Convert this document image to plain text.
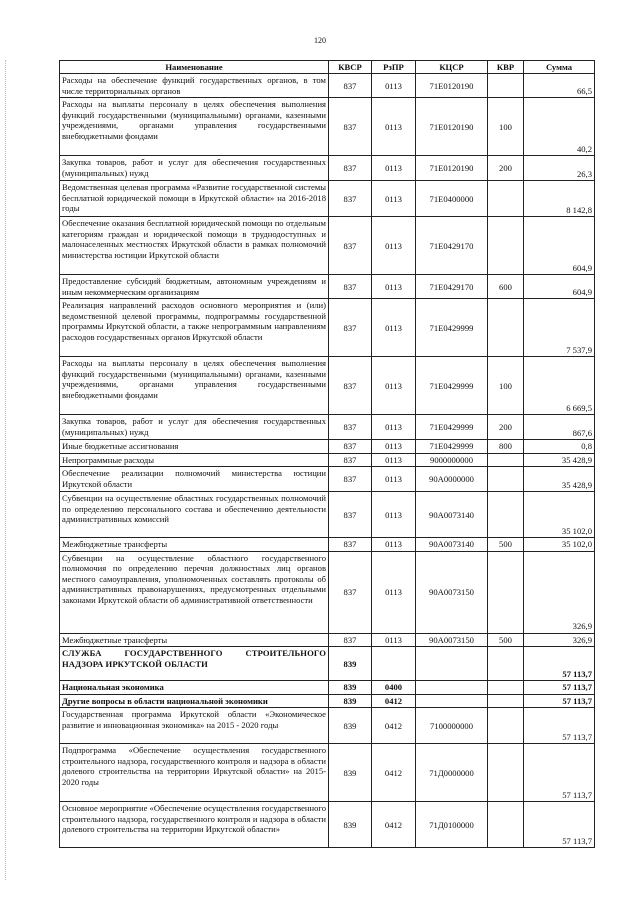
120
Наименование	КВСР	РзПР	КЦСР	КВР	Сумма
Расходы на обеспечение функций государственных органов, в том числе территориальных органов	837	0113	71Е0120190		66,5
Расходы на выплаты персоналу в целях обеспечения выполнения функций государственными (муниципальными) органами, казенными учреждениями, органами управления государственными внебюджетными фондами	837	0113	71Е0120190	100	40,2
Закупка товаров, работ и услуг для обеспечения государственных (муниципальных) нужд	837	0113	71Е0120190	200	26,3
Ведомственная целевая программа «Развитие государственной системы бесплатной юридической помощи в Иркутской области» на 2016-2018 годы	837	0113	71Е0400000		8 142,8
Обеспечение оказания бесплатной юридической помощи по отдельным категориям граждан и юридической помощи в труднодоступных и малонаселенных местностях Иркутской области в рамках полномочий министерства юстиции Иркутской области	837	0113	71Е0429170		604,9
Предоставление субсидий бюджетным, автономным учреждениям и иным некоммерческим организациям	837	0113	71Е0429170	600	604,9
Реализация направлений расходов основного мероприятия и (или) ведомственной целевой программы, подпрограммы государственной программы Иркутской области, а также непрограммным направлениям расходов государственных органов Иркутской области	837	0113	71Е0429999		7 537,9
Расходы на выплаты персоналу в целях обеспечения выполнения функций государственными (муниципальными) органами, казенными учреждениями, органами управления государственными внебюджетными фондами	837	0113	71Е0429999	100	6 669,5
Закупка товаров, работ и услуг для обеспечения государственных (муниципальных) нужд	837	0113	71Е0429999	200	867,6
Иные бюджетные ассигнования	837	0113	71Е0429999	800	0,8
Непрограммные расходы	837	0113	9000000000		35 428,9
Обеспечение реализации полномочий министерства юстиции Иркутской области	837	0113	90А0000000		35 428,9
Субвенции на осуществление областных государственных полномочий по определению персонального состава и обеспечению деятельности административных комиссий	837	0113	90А0073140		35 102,0
Межбюджетные трансферты	837	0113	90А0073140	500	35 102,0
Субвенции на осуществление областного государственного полномочия по определению перечня должностных лиц органов местного самоуправления, уполномоченных составлять протоколы об административных правонарушениях, предусмотренных отдельными законами Иркутской области об административной ответственности	837	0113	90А0073150		326,9
Межбюджетные трансферты	837	0113	90А0073150	500	326,9
СЛУЖБА ГОСУДАРСТВЕННОГО СТРОИТЕЛЬНОГО НАДЗОРА ИРКУТСКОЙ ОБЛАСТИ	839				57 113,7
Национальная экономика	839	0400			57 113,7
Другие вопросы в области национальной экономики	839	0412			57 113,7
Государственная программа Иркутской области «Экономическое развитие и инновационная экономика» на 2015 - 2020 годы	839	0412	7100000000		57 113,7
Подпрограмма «Обеспечение осуществления государственного строительного надзора, государственного контроля и надзора в области долевого строительства на территории Иркутской области» на 2015-2020 годы	839	0412	71Д0000000		57 113,7
Основное мероприятие «Обеспечение осуществления государственного строительного надзора, государственного контроля и надзора в области долевого строительства на территории Иркутской области»	839	0412	71Д0100000		57 113,7
